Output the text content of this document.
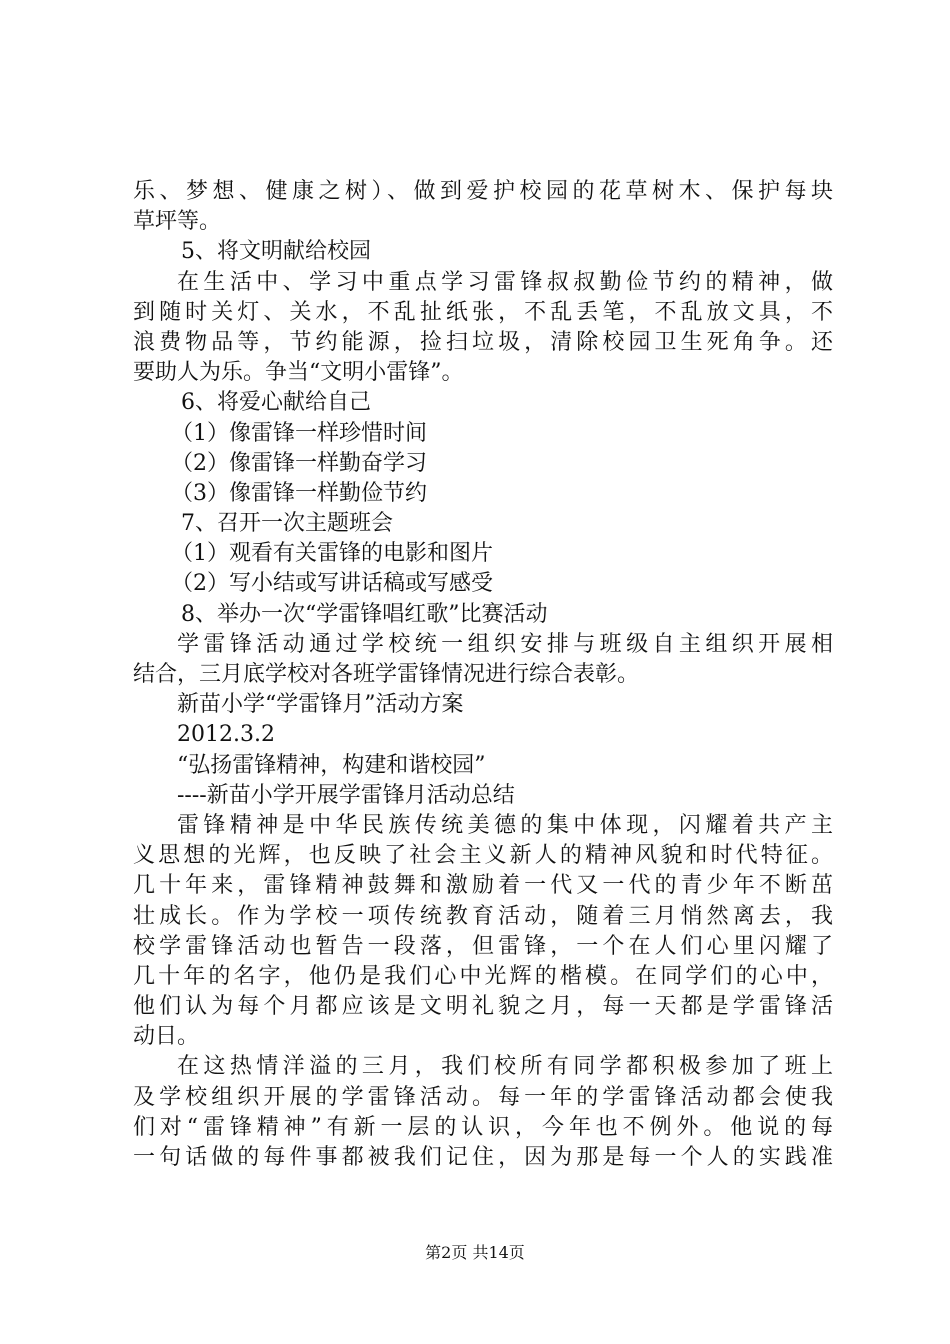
乐、梦想、健康之树）、做到爱护校园的花草树木、保护每块
草坪等。
5、将文明献给校园
在生活中、学习中重点学习雷锋叔叔勤俭节约的精神，做
到随时关灯、关水，不乱扯纸张，不乱丢笔，不乱放文具，不
浪费物品等，节约能源，捡扫垃圾，清除校园卫生死角争。还
要助人为乐。争当“文明小雷锋”。
6、将爱心献给自己
（1）像雷锋一样珍惜时间
（2）像雷锋一样勤奋学习
（3）像雷锋一样勤俭节约
7、召开一次主题班会
（1）观看有关雷锋的电影和图片
（2）写小结或写讲话稿或写感受
8、举办一次“学雷锋唱红歌”比赛活动
学雷锋活动通过学校统一组织安排与班级自主组织开展相
结合，三月底学校对各班学雷锋情况进行综合表彰。
新苗小学“学雷锋月”活动方案
2012.3.2
“弘扬雷锋精神，构建和谐校园”
----新苗小学开展学雷锋月活动总结
雷锋精神是中华民族传统美德的集中体现，闪耀着共产主
义思想的光辉，也反映了社会主义新人的精神风貌和时代特征。
几十年来，雷锋精神鼓舞和激励着一代又一代的青少年不断茁
壮成长。作为学校一项传统教育活动，随着三月悄然离去，我
校学雷锋活动也暂告一段落，但雷锋，一个在人们心里闪耀了
几十年的名字，他仍是我们心中光辉的楷模。在同学们的心中，
他们认为每个月都应该是文明礼貌之月，每一天都是学雷锋活
动日。
在这热情洋溢的三月，我们校所有同学都积极参加了班上
及学校组织开展的学雷锋活动。每一年的学雷锋活动都会使我
们对“雷锋精神”有新一层的认识，今年也不例外。他说的每
一句话做的每件事都被我们记住，因为那是每一个人的实践准
第2页 共14页
